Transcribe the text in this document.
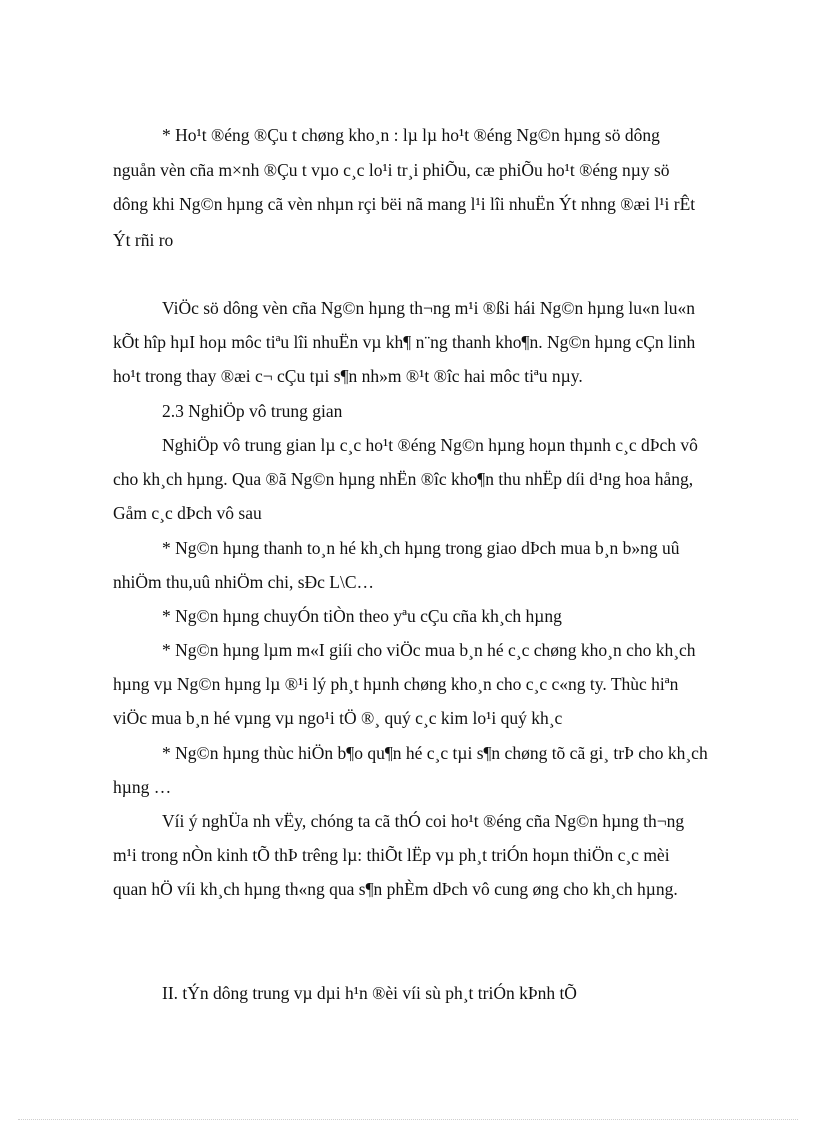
* Ho¹t ®éng ®Çu t chøng kho¸n : lµ lµ ho¹t ®éng Ng©n hµng sö dông
nguån vèn cña m×nh ®Çu t vµo c¸c lo¹i tr¸i phiÕu, cæ phiÕu ho¹t ®éng nµy sö
dông khi Ng©n hµng cã vèn nhµn rçi bëi nã mang l¹i lîi nhuËn Ýt nhng ®æi l¹i rÊt
Ýt rñi ro
ViÖc sö dông vèn cña Ng©n hµng th¬ng m¹i ®ßi hái Ng©n hµng lu«n lu«n
kÕt hîp hµI hoµ môc tiªu lîi nhuËn vµ kh¶ n¨ng thanh kho¶n. Ng©n hµng cÇn linh
ho¹t trong thay ®æi c¬ cÇu tµi s¶n nh»m ®¹t ®îc hai môc tiªu nµy.
2.3 NghiÖp vô trung gian
NghiÖp vô trung gian lµ c¸c ho¹t ®éng Ng©n hµng hoµn thµnh c¸c dÞch vô
cho kh¸ch hµng. Qua ®ã Ng©n hµng nhËn ®îc kho¶n thu nhËp díi d¹ng hoa hång,
Gåm c¸c dÞch vô sau
* Ng©n hµng thanh to¸n hé kh¸ch hµng trong giao dÞch mua b¸n b»ng uû
nhiÖm thu,uû nhiÖm chi, sÐc L\C…
* Ng©n hµng chuyÓn tiÒn theo yªu cÇu cña kh¸ch hµng
* Ng©n hµng lµm m«I giíi cho viÖc mua b¸n hé c¸c chøng kho¸n cho kh¸ch
hµng vµ Ng©n hµng lµ ®¹i lý ph¸t hµnh chøng kho¸n cho c¸c c«ng ty. Thùc hiªn
viÖc mua b¸n hé vµng vµ ngo¹i tÖ ®¸ quý c¸c kim lo¹i quý kh¸c
* Ng©n hµng thùc hiÖn b¶o qu¶n hé c¸c tµi s¶n chøng tõ cã gi¸ trÞ cho kh¸ch
hµng …
Víi ý nghÜa nh vËy, chóng ta cã thÓ coi ho¹t ®éng cña Ng©n hµng th¬ng
m¹i trong nÒn kinh tÕ thÞ trêng lµ: thiÕt lËp vµ ph¸t triÓn hoµn thiÖn c¸c mèi
quan hÖ víi kh¸ch hµng th«ng qua s¶n phÈm dÞch vô cung øng cho kh¸ch hµng.
II. tÝn dông trung vµ dµi h¹n ®èi víi sù ph¸t triÓn kÞnh tÕ
